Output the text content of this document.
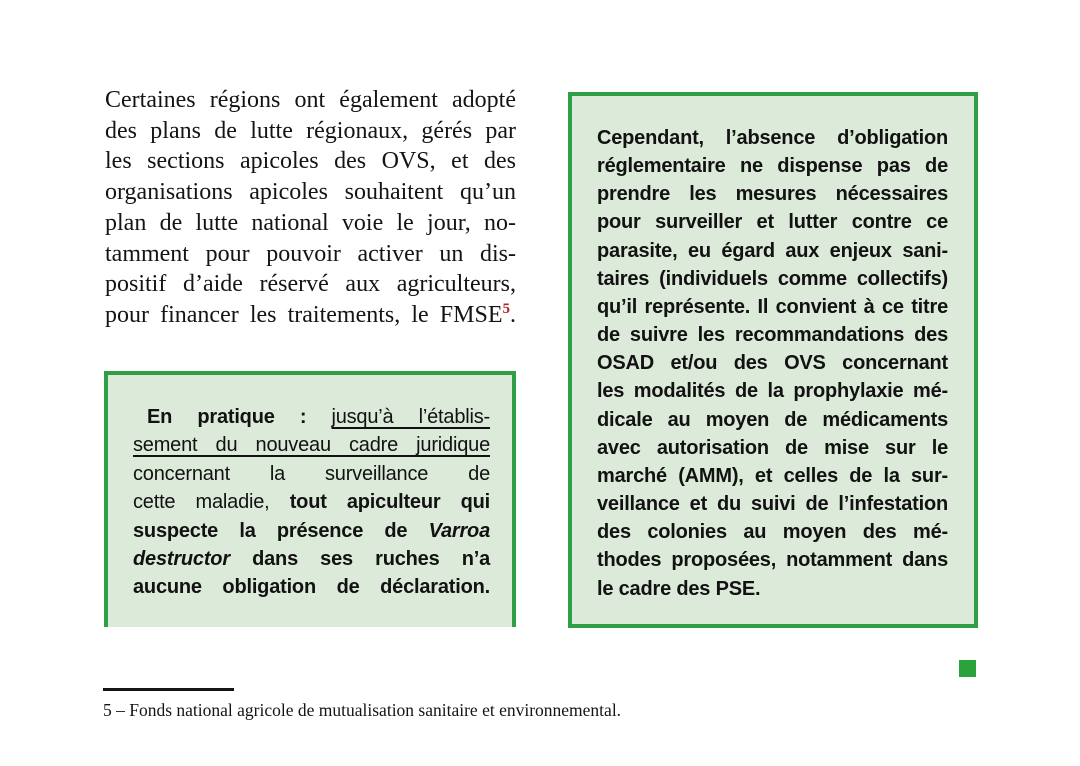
Certaines régions ont également adopté
des plans de lutte régionaux, gérés par
les sections apicoles des OVS, et des
organisations apicoles souhaitent qu’un
plan de lutte national voie le jour, no-
tamment pour pouvoir activer un dis-
positif d’aide réservé aux agriculteurs,
pour financer les traitements, le FMSE$^5$.
En pratique : jusqu’à l’établis-
sement du nouveau cadre juridique
concernant la surveillance de
cette maladie, tout apiculteur qui
suspecte la présence de Varroa
destructor dans ses ruches n’a
aucune obligation de déclaration.
Cependant, l’absence d’obligation
réglementaire ne dispense pas de
prendre les mesures nécessaires
pour surveiller et lutter contre ce
parasite, eu égard aux enjeux sani-
taires (individuels comme collectifs)
qu’il représente. Il convient à ce titre
de suivre les recommandations des
OSAD et/ou des OVS concernant
les modalités de la prophylaxie mé-
dicale au moyen de médicaments
avec autorisation de mise sur le
marché (AMM), et celles de la sur-
veillance et du suivi de l’infestation
des colonies au moyen des mé-
thodes proposées, notamment dans
le cadre des PSE.
5 – Fonds national agricole de mutualisation sanitaire et environnemental.
